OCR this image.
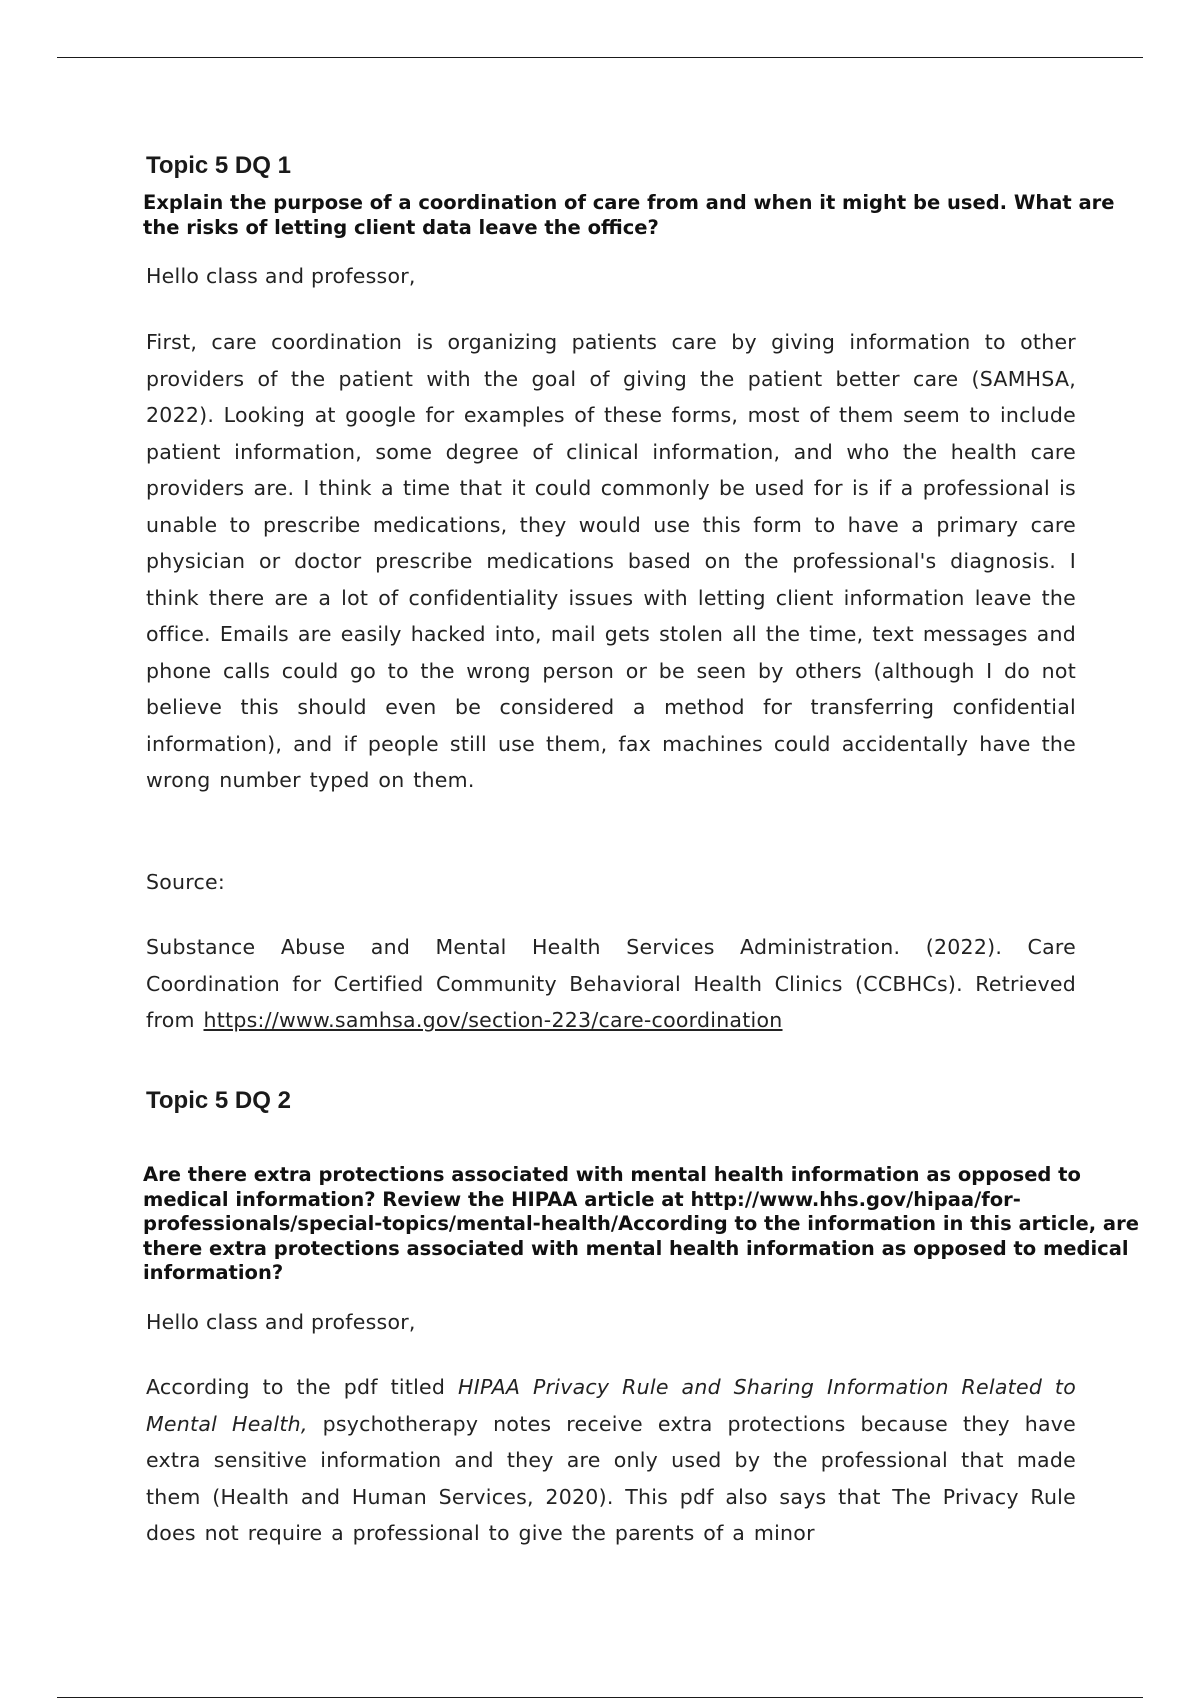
Topic 5 DQ 1

Explain the purpose of a coordination of care from and when it might be used. What are the risks of letting client data leave the office?

Hello class and professor,

First, care coordination is organizing patients care by giving information to other providers of the patient with the goal of giving the patient better care (SAMHSA, 2022). Looking at google for examples of these forms, most of them seem to include patient information, some degree of clinical information, and who the health care providers are. I think a time that it could commonly be used for is if a professional is unable to prescribe medications, they would use this form to have a primary care physician or doctor prescribe medications based on the professional's diagnosis. I think there are a lot of confidentiality issues with letting client information leave the office. Emails are easily hacked into, mail gets stolen all the time, text messages and phone calls could go to the wrong person or be seen by others (although I do not believe this should even be considered a method for transferring confidential information), and if people still use them, fax machines could accidentally have the wrong number typed on them.

Source:

Substance Abuse and Mental Health Services Administration. (2022). Care Coordination for Certified Community Behavioral Health Clinics (CCBHCs). Retrieved from https://www.samhsa.gov/section-223/care-coordination

Topic 5 DQ 2

Are there extra protections associated with mental health information as opposed to medical information? Review the HIPAA article at http://www.hhs.gov/hipaa/for-professionals/special-topics/mental-health/According to the information in this article, are there extra protections associated with mental health information as opposed to medical information?

Hello class and professor,

According to the pdf titled HIPAA Privacy Rule and Sharing Information Related to Mental Health, psychotherapy notes receive extra protections because they have extra sensitive information and they are only used by the professional that made them (Health and Human Services, 2020). This pdf also says that The Privacy Rule does not require a professional to give the parents of a minor
